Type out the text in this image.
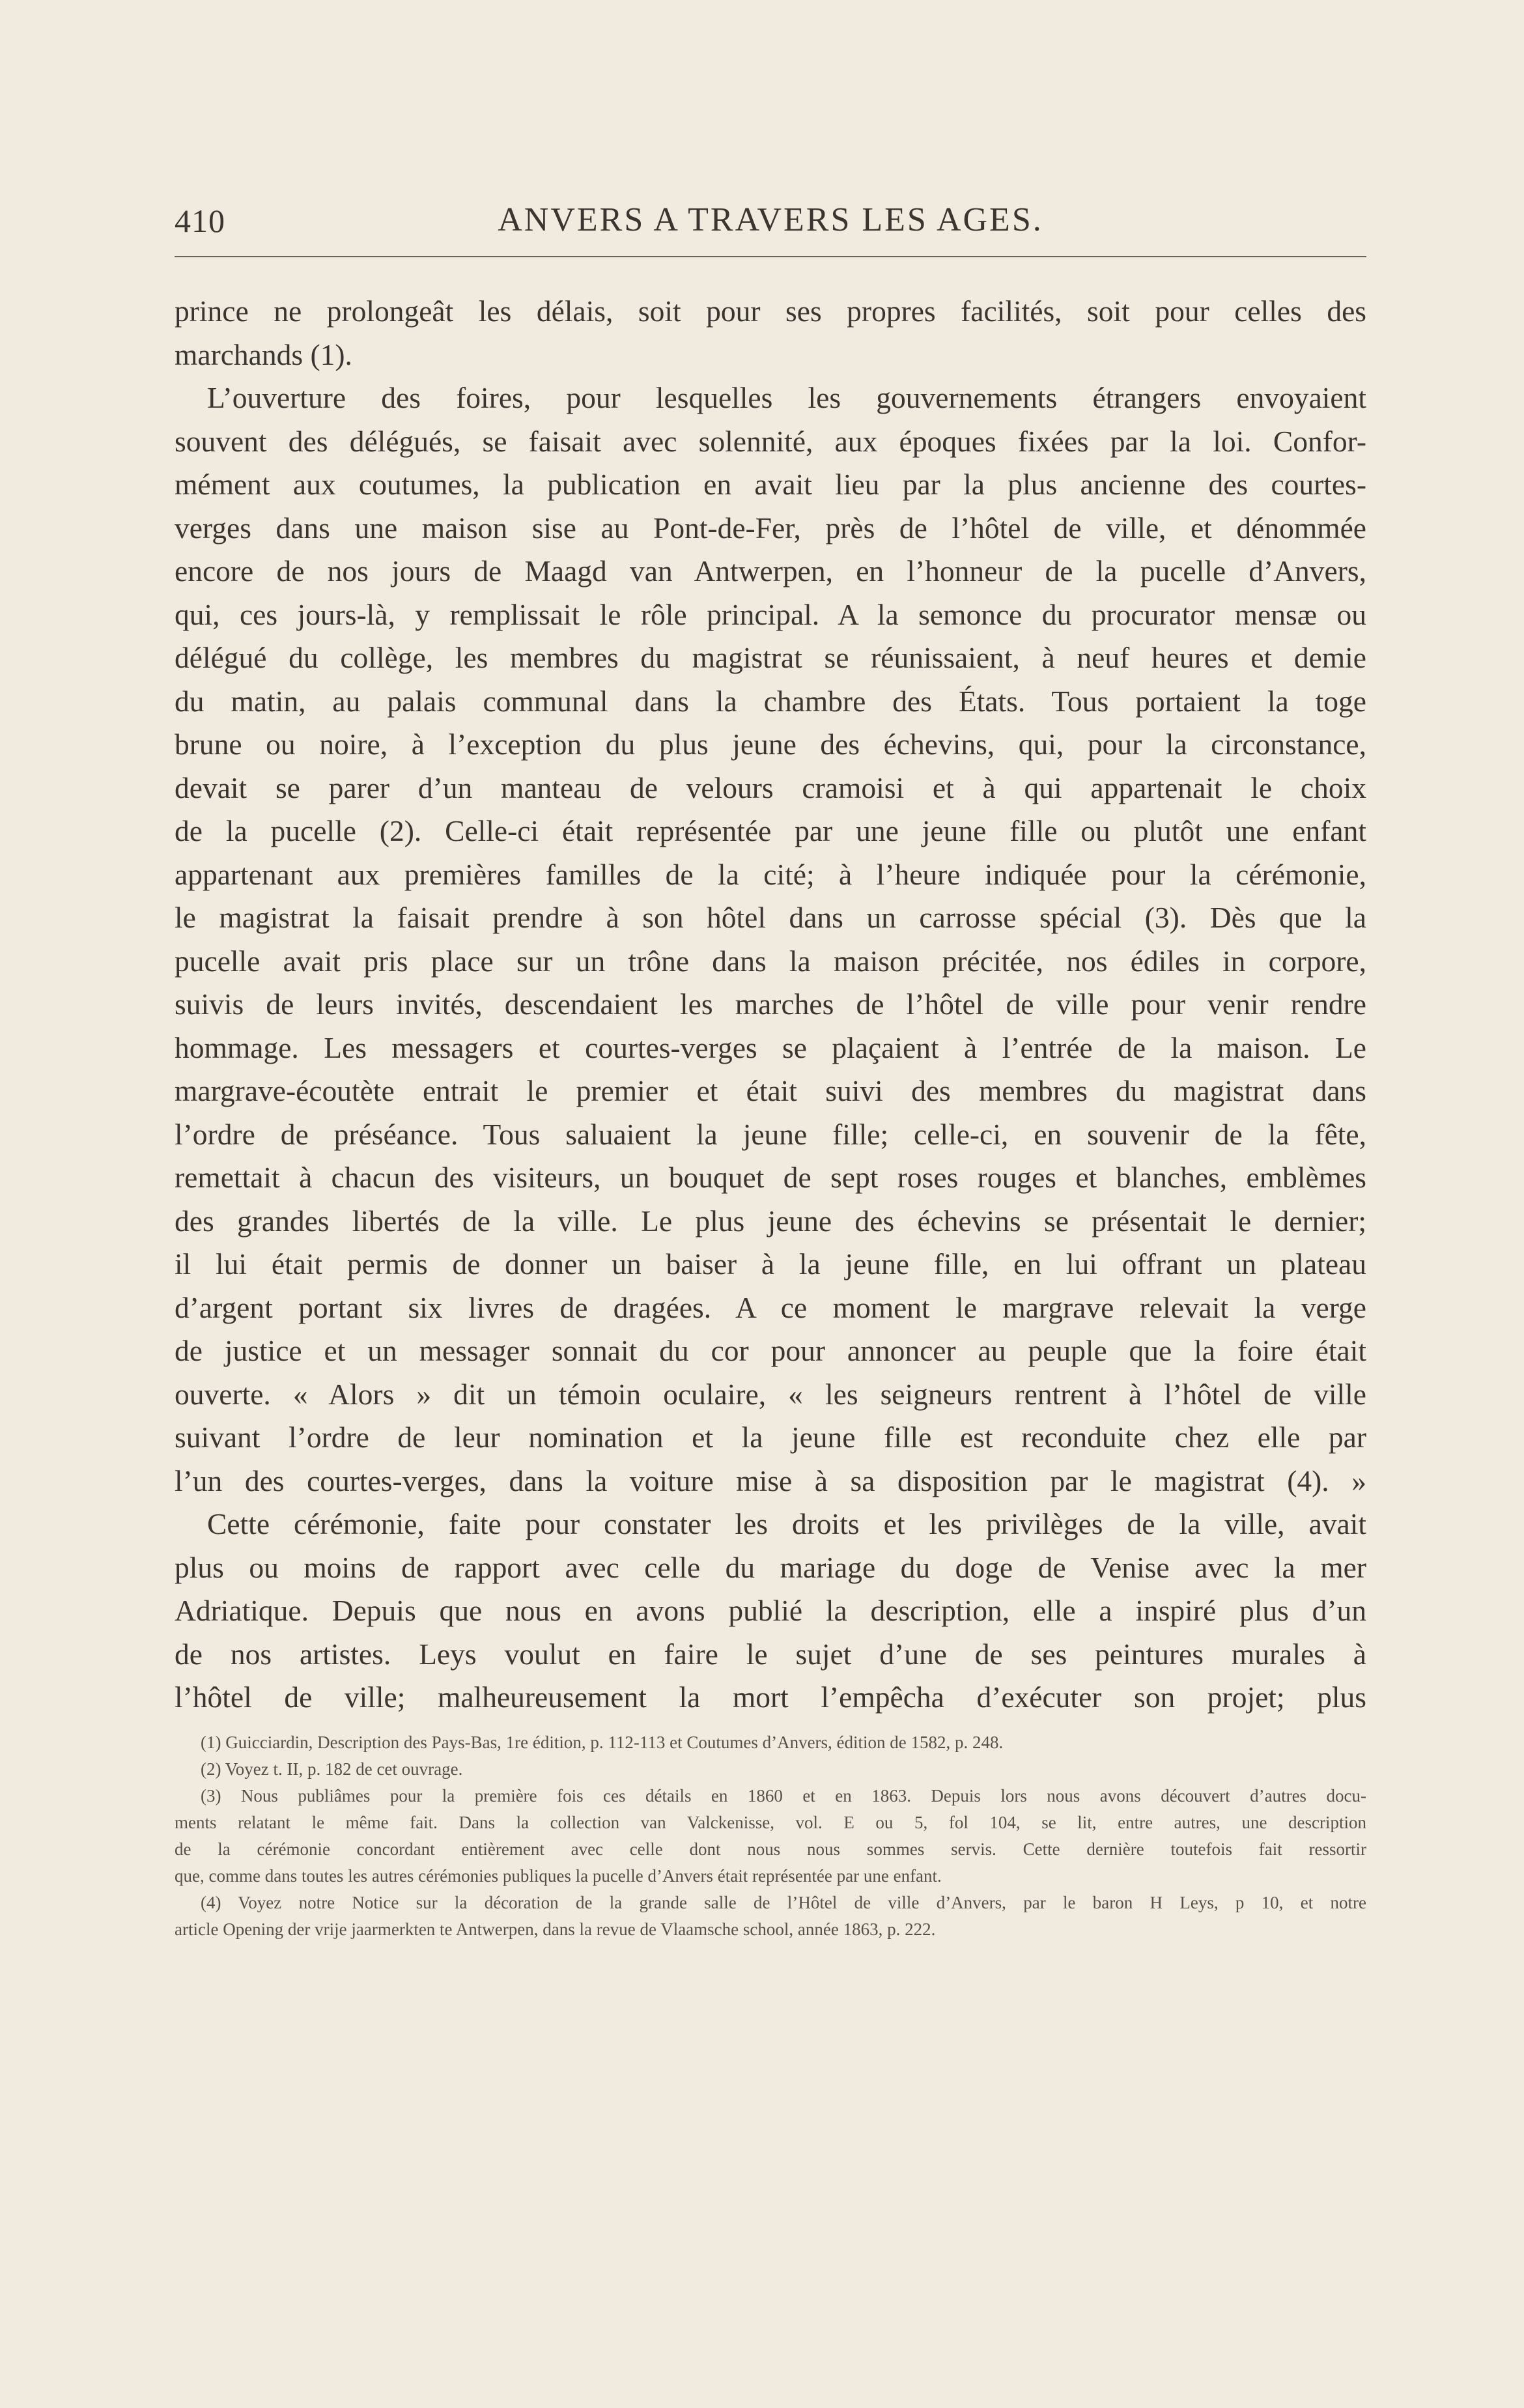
410	ANVERS A TRAVERS LES AGES.
prince ne prolongeât les délais, soit pour ses propres facilités, soit pour celles des
marchands (1).
L’ouverture des foires, pour lesquelles les gouvernements étrangers envoyaient
souvent des délégués, se faisait avec solennité, aux époques fixées par la loi. Confor-
mément aux coutumes, la publication en avait lieu par la plus ancienne des courtes-
verges dans une maison sise au Pont-de-Fer, près de l’hôtel de ville, et dénommée
encore de nos jours de Maagd van Antwerpen, en l’honneur de la pucelle d’Anvers,
qui, ces jours-là, y remplissait le rôle principal. A la semonce du procurator mensæ ou
délégué du collège, les membres du magistrat se réunissaient, à neuf heures et demie
du matin, au palais communal dans la chambre des États. Tous portaient la toge
brune ou noire, à l’exception du plus jeune des échevins, qui, pour la circonstance,
devait se parer d’un manteau de velours cramoisi et à qui appartenait le choix
de la pucelle (2). Celle-ci était représentée par une jeune fille ou plutôt une enfant
appartenant aux premières familles de la cité; à l’heure indiquée pour la cérémonie,
le magistrat la faisait prendre à son hôtel dans un carrosse spécial (3). Dès que la
pucelle avait pris place sur un trône dans la maison précitée, nos édiles in corpore,
suivis de leurs invités, descendaient les marches de l’hôtel de ville pour venir rendre
hommage. Les messagers et courtes-verges se plaçaient à l’entrée de la maison. Le
margrave-écoutète entrait le premier et était suivi des membres du magistrat dans
l’ordre de préséance. Tous saluaient la jeune fille; celle-ci, en souvenir de la fête,
remettait à chacun des visiteurs, un bouquet de sept roses rouges et blanches, emblèmes
des grandes libertés de la ville. Le plus jeune des échevins se présentait le dernier;
il lui était permis de donner un baiser à la jeune fille, en lui offrant un plateau
d’argent portant six livres de dragées. A ce moment le margrave relevait la verge
de justice et un messager sonnait du cor pour annoncer au peuple que la foire était
ouverte. « Alors » dit un témoin oculaire, « les seigneurs rentrent à l’hôtel de ville
suivant l’ordre de leur nomination et la jeune fille est reconduite chez elle par
l’un des courtes-verges, dans la voiture mise à sa disposition par le magistrat (4). »
Cette cérémonie, faite pour constater les droits et les privilèges de la ville, avait
plus ou moins de rapport avec celle du mariage du doge de Venise avec la mer
Adriatique. Depuis que nous en avons publié la description, elle a inspiré plus d’un
de nos artistes. Leys voulut en faire le sujet d’une de ses peintures murales à
l’hôtel de ville; malheureusement la mort l’empêcha d’exécuter son projet; plus
(1) Guicciardin, Description des Pays-Bas, 1re édition, p. 112-113 et Coutumes d’Anvers, édition de 1582, p. 248.
(2) Voyez t. II, p. 182 de cet ouvrage.
(3) Nous publiâmes pour la première fois ces détails en 1860 et en 1863. Depuis lors nous avons découvert d’autres docu-
ments relatant le même fait. Dans la collection van Valckenisse, vol. E ou 5, fol 104, se lit, entre autres, une description
de la cérémonie concordant entièrement avec celle dont nous nous sommes servis. Cette dernière toutefois fait ressortir
que, comme dans toutes les autres cérémonies publiques la pucelle d’Anvers était représentée par une enfant.
(4) Voyez notre Notice sur la décoration de la grande salle de l’Hôtel de ville d’Anvers, par le baron H Leys, p 10, et notre
article Opening der vrije jaarmerkten te Antwerpen, dans la revue de Vlaamsche school, année 1863, p. 222.
